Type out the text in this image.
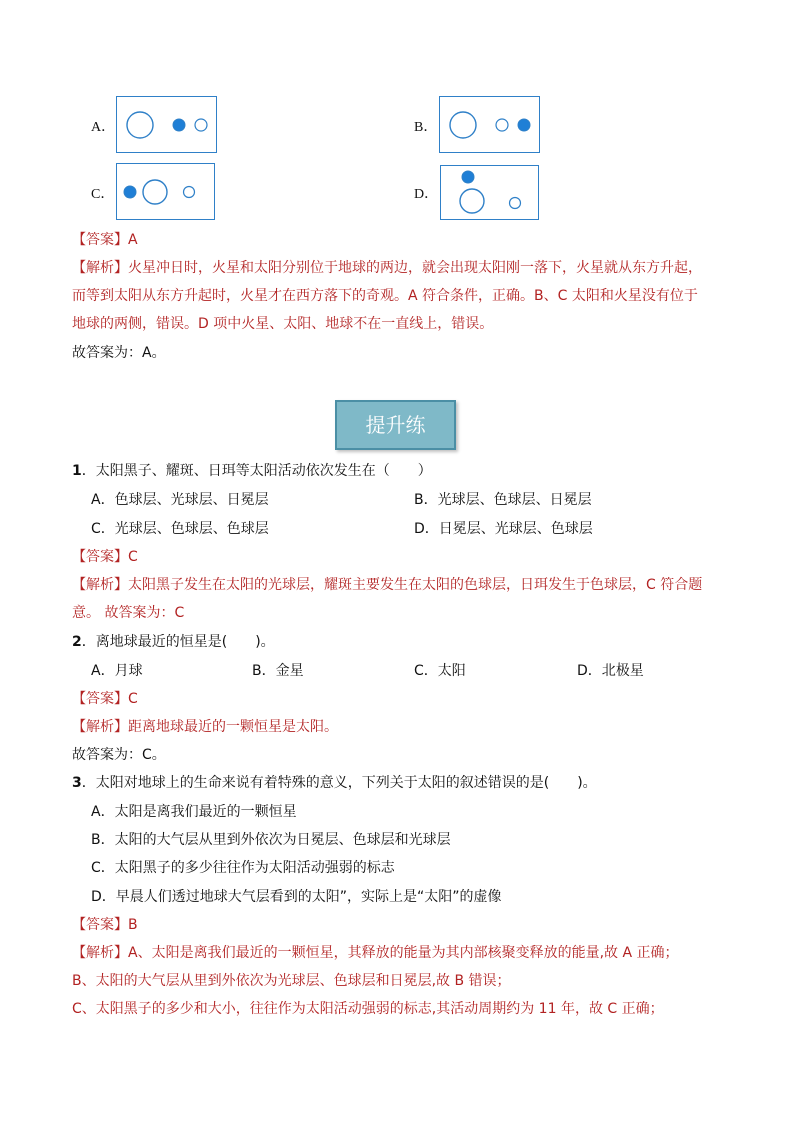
A．	B．
C．	D．
【答案】A
【解析】火星冲日时，火星和太阳分别位于地球的两边，就会出现太阳刚一落下，火星就从东方升起，
而等到太阳从东方升起时，火星才在西方落下的奇观。A 符合条件，正确。B、C 太阳和火星没有位于
地球的两侧，错误。D 项中火星、太阳、地球不在一直线上，错误。
故答案为：A。
提升练
1．太阳黑子、耀斑、日珥等太阳活动依次发生在（　　）
A．色球层、光球层、日冕层	B．光球层、色球层、日冕层
C．光球层、色球层、色球层	D．日冕层、光球层、色球层
【答案】C
【解析】太阳黑子发生在太阳的光球层，耀斑主要发生在太阳的色球层，日珥发生于色球层，C 符合题
意。 故答案为：C
2．离地球最近的恒星是(　　)。
A．月球	B．金星	C．太阳	D．北极星
【答案】C
【解析】距离地球最近的一颗恒星是太阳。
故答案为：C。
3．太阳对地球上的生命来说有着特殊的意义，下列关于太阳的叙述错误的是(　　)。
A．太阳是离我们最近的一颗恒星
B．太阳的大气层从里到外依次为日冕层、色球层和光球层
C．太阳黑子的多少往往作为太阳活动强弱的标志
D．早晨人们透过地球大气层看到的太阳”，实际上是“太阳”的虚像
【答案】B
【解析】A、太阳是离我们最近的一颗恒星，其释放的能量为其内部核聚变释放的能量,故 A 正确；
B、太阳的大气层从里到外依次为光球层、色球层和日冕层,故 B 错误；
C、太阳黑子的多少和大小，往往作为太阳活动强弱的标志,其活动周期约为 11 年，故 C 正确；
